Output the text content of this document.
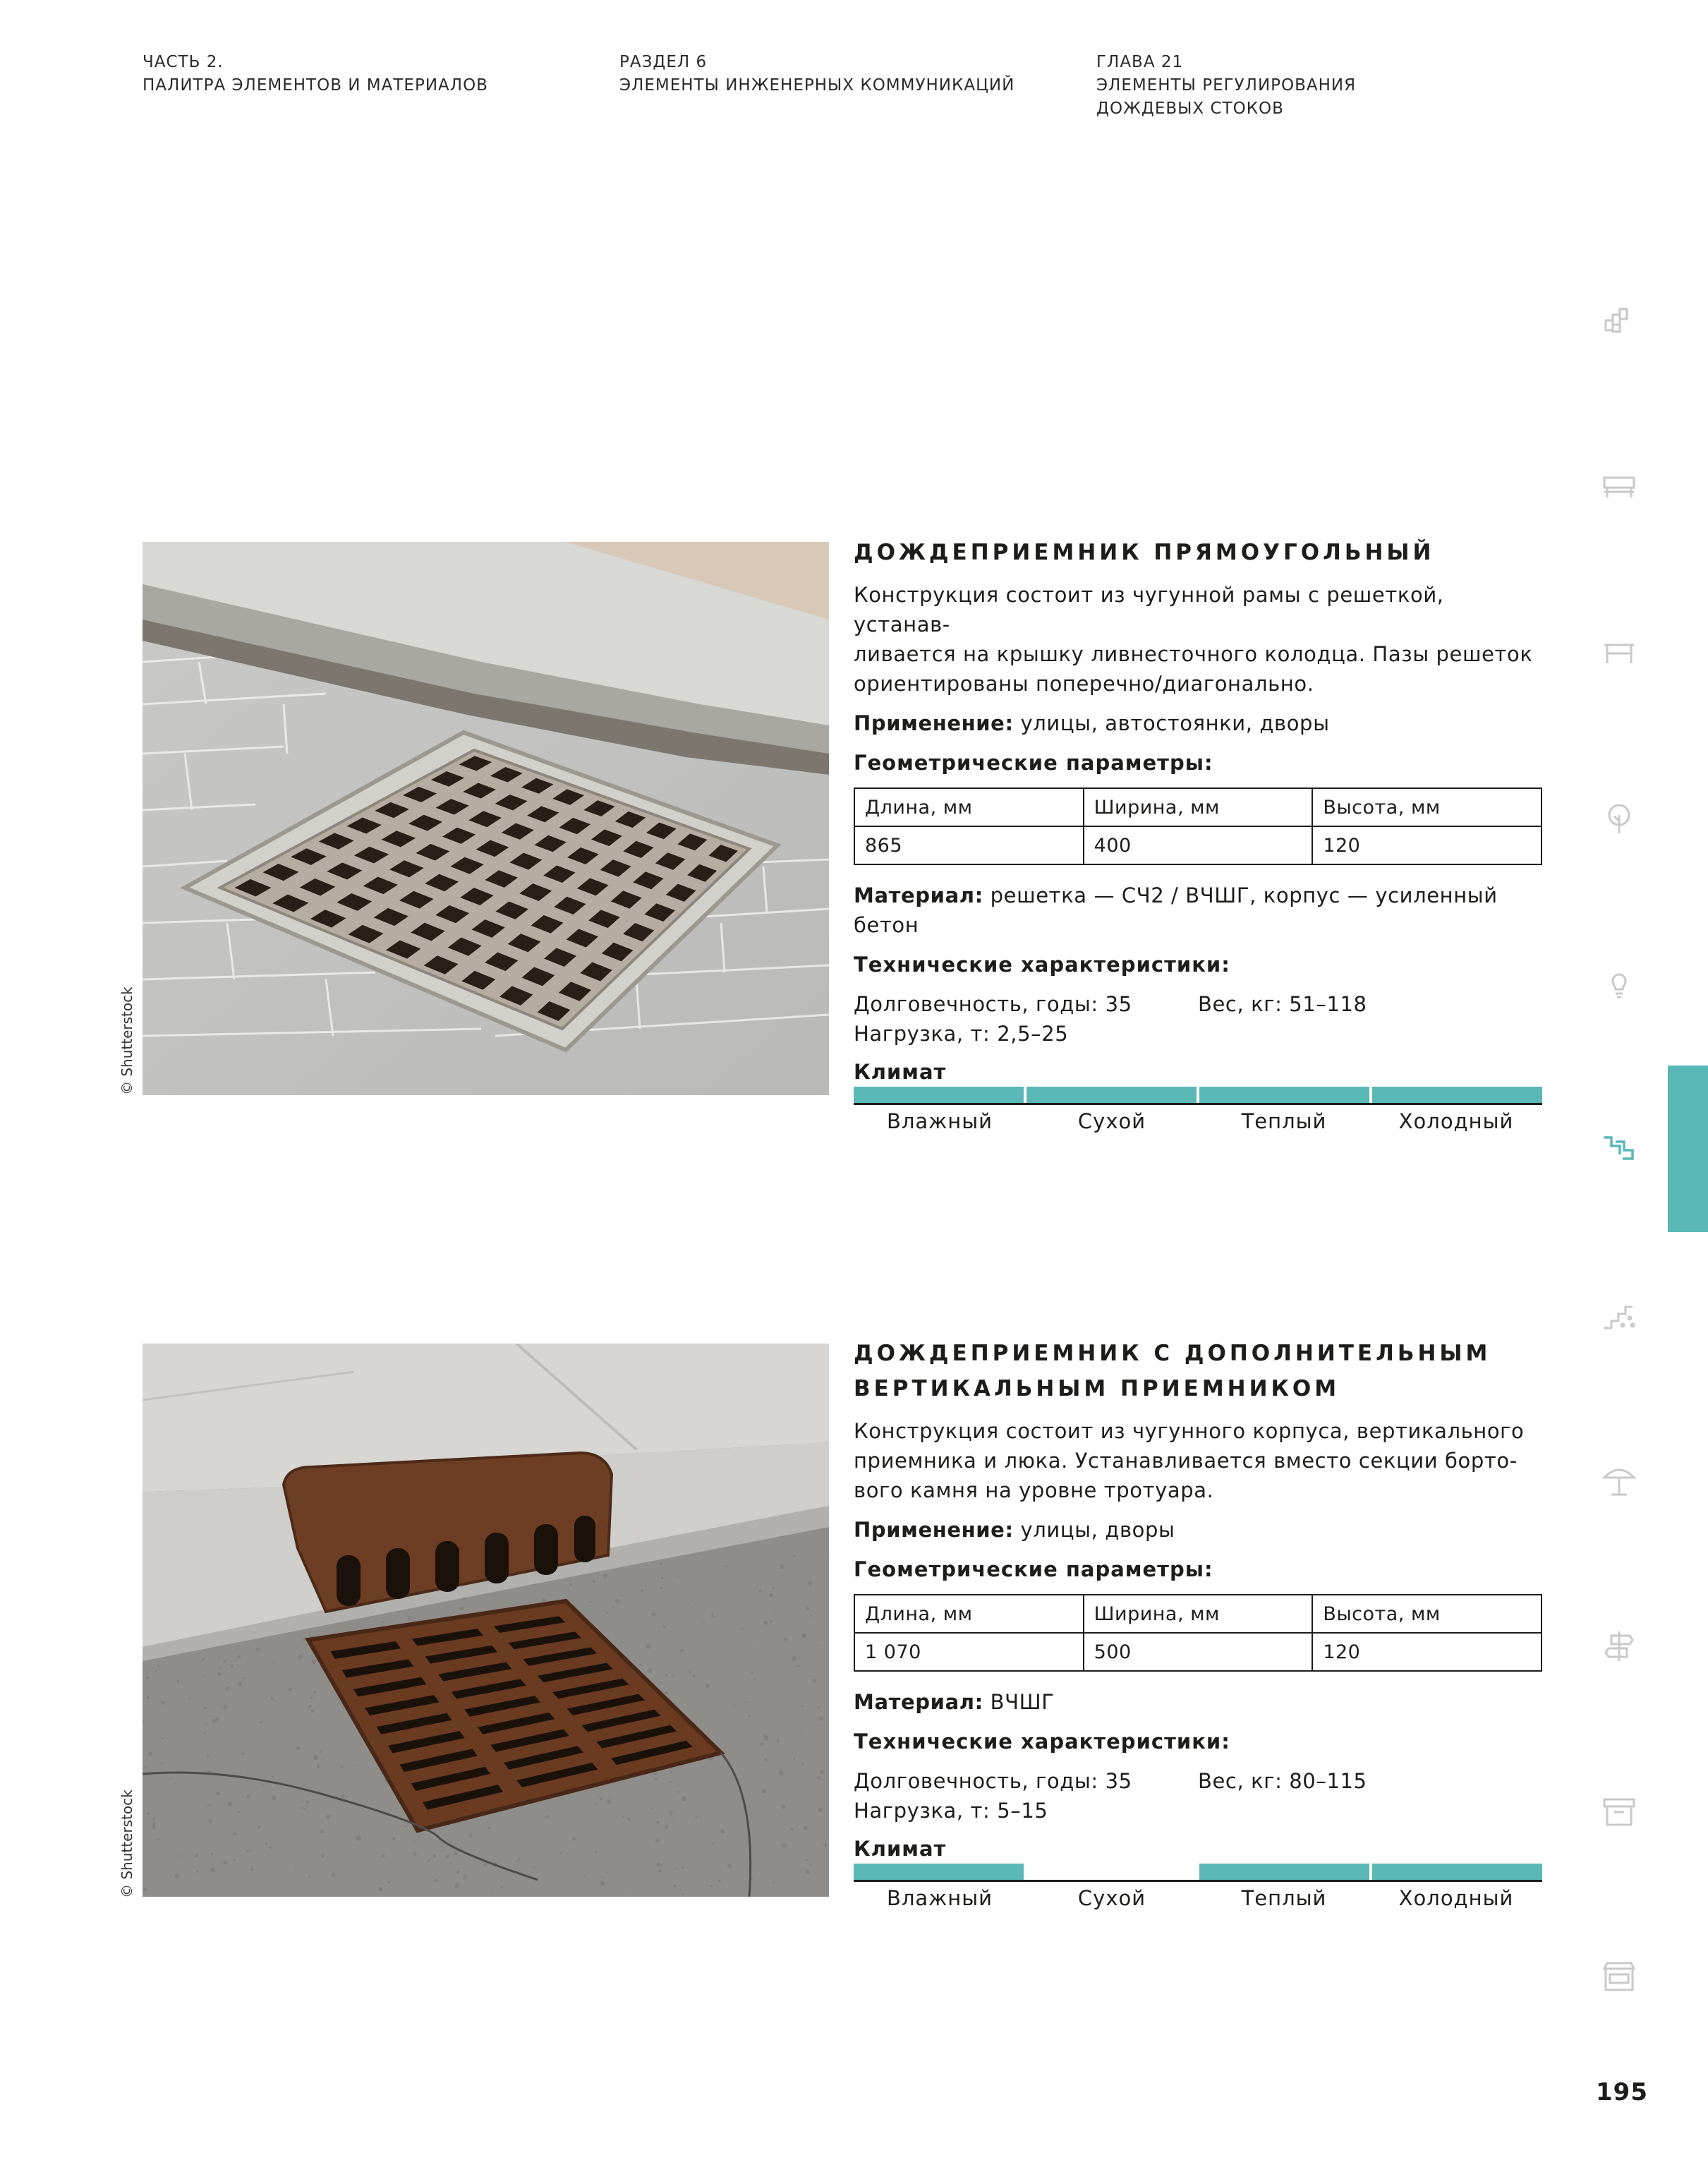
ЧАСТЬ 2.
ПАЛИТРА ЭЛЕМЕНТОВ И МАТЕРИАЛОВ
РАЗДЕЛ 6
ЭЛЕМЕНТЫ ИНЖЕНЕРНЫХ КОММУНИКАЦИЙ
ГЛАВА 21
ЭЛЕМЕНТЫ РЕГУЛИРОВАНИЯ
ДОЖДЕВЫХ СТОКОВ
© Shutterstock
ДОЖДЕПРИЕМНИК ПРЯМОУГОЛЬНЫЙ
Конструкция состоит из чугунной рамы с решеткой, устанав-
ливается на крышку ливнесточного колодца. Пазы решеток
ориентированы поперечно/диагонально.
Применение: улицы, автостоянки, дворы
Геометрические параметры:
Длина, мм	Ширина, мм	Высота, мм
865	400	120
Материал: решетка — СЧ2 / ВЧШГ, корпус — усиленный бетон
Технические характеристики:
Долговечность, годы: 35	Вес, кг: 51–118
Нагрузка, т: 2,5–25
Климат
Влажный	Сухой	Теплый	Холодный
© Shutterstock
ДОЖДЕПРИЕМНИК С ДОПОЛНИТЕЛЬНЫМ
ВЕРТИКАЛЬНЫМ ПРИЕМНИКОМ
Конструкция состоит из чугунного корпуса, вертикального
приемника и люка. Устанавливается вместо секции борто-
вого камня на уровне тротуара.
Применение: улицы, дворы
Геометрические параметры:
Длина, мм	Ширина, мм	Высота, мм
1 070	500	120
Материал: ВЧШГ
Технические характеристики:
Долговечность, годы: 35	Вес, кг: 80–115
Нагрузка, т: 5–15
Климат
Влажный	Сухой	Теплый	Холодный
195
